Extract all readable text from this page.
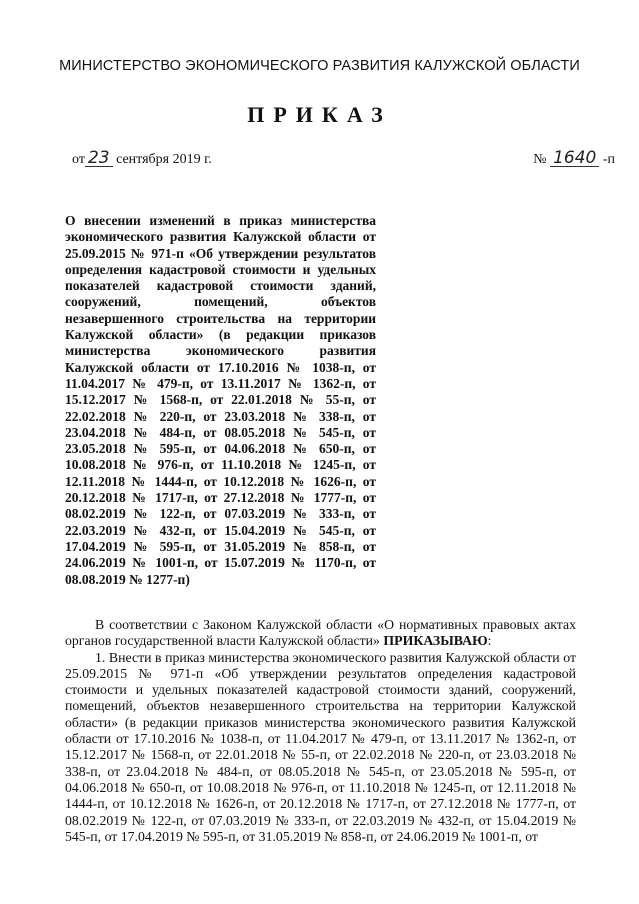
МИНИСТЕРСТВО ЭКОНОМИЧЕСКОГО РАЗВИТИЯ КАЛУЖСКОЙ ОБЛАСТИ
ПРИКАЗ
от 23 сентября 2019 г.	№ 1640 -п

О внесении изменений в приказ министерства экономического развития Калужской области от 25.09.2015 № 971-п «Об утверждении результатов определения кадастровой стоимости и удельных показателей кадастровой стоимости зданий, сооружений, помещений, объектов незавершенного строительства на территории Калужской области» (в редакции приказов министерства экономического развития Калужской области от 17.10.2016 № 1038-п, от 11.04.2017 № 479-п, от 13.11.2017 № 1362-п, от 15.12.2017 № 1568-п, от 22.01.2018 № 55-п, от 22.02.2018 № 220-п, от 23.03.2018 № 338-п, от 23.04.2018 № 484-п, от 08.05.2018 № 545-п, от 23.05.2018 № 595-п, от 04.06.2018 № 650-п, от 10.08.2018 № 976-п, от 11.10.2018 № 1245-п, от 12.11.2018 № 1444-п, от 10.12.2018 № 1626-п, от 20.12.2018 № 1717-п, от 27.12.2018 № 1777-п, от 08.02.2019 № 122-п, от 07.03.2019 № 333-п, от 22.03.2019 № 432-п, от 15.04.2019 № 545-п, от 17.04.2019 № 595-п, от 31.05.2019 № 858-п, от 24.06.2019 № 1001-п, от 15.07.2019 № 1170-п, от 08.08.2019 № 1277-п)

В соответствии с Законом Калужской области «О нормативных правовых актах органов государственной власти Калужской области» ПРИКАЗЫВАЮ:

1. Внести в приказ министерства экономического развития Калужской области от 25.09.2015 № 971-п «Об утверждении результатов определения кадастровой стоимости и удельных показателей кадастровой стоимости зданий, сооружений, помещений, объектов незавершенного строительства на территории Калужской области» (в редакции приказов министерства экономического развития Калужской области от 17.10.2016 № 1038-п, от 11.04.2017 № 479-п, от 13.11.2017 № 1362-п, от 15.12.2017 № 1568-п, от 22.01.2018 № 55-п, от 22.02.2018 № 220-п, от 23.03.2018 № 338-п, от 23.04.2018 № 484-п, от 08.05.2018 № 545-п, от 23.05.2018 № 595-п, от 04.06.2018 № 650-п, от 10.08.2018 № 976-п, от 11.10.2018 № 1245-п, от 12.11.2018 № 1444-п, от 10.12.2018 № 1626-п, от 20.12.2018 № 1717-п, от 27.12.2018 № 1777-п, от 08.02.2019 № 122-п, от 07.03.2019 № 333-п, от 22.03.2019 № 432-п, от 15.04.2019 № 545-п, от 17.04.2019 № 595-п, от 31.05.2019 № 858-п, от 24.06.2019 № 1001-п, от
